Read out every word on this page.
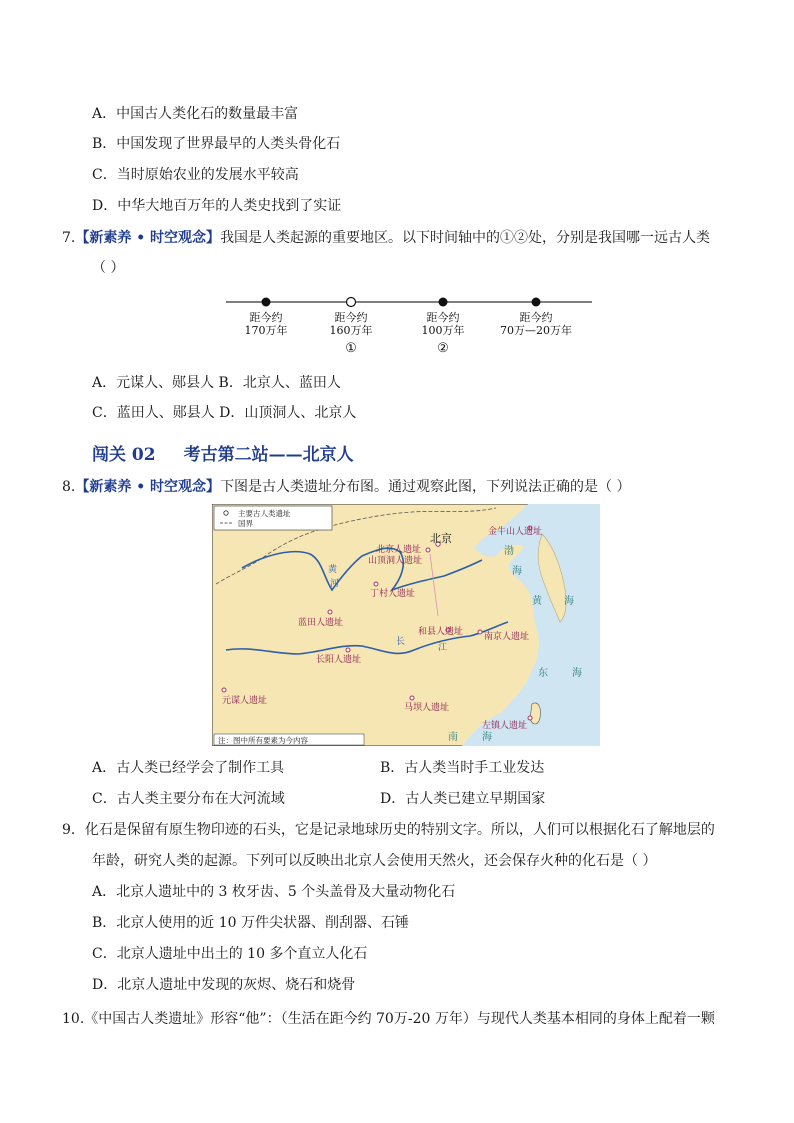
A．中国古人类化石的数量最丰富
B．中国发现了世界最早的人类头骨化石
C．当时原始农业的发展水平较高
D．中华大地百万年的人类史找到了实证
7.【新素养 • 时空观念】我国是人类起源的重要地区。以下时间轴中的①②处，分别是我国哪一远古人类
（ ）
距今约
170万年
距今约
160万年
①
距今约
100万年
②
距今约
70万—20万年
A．元谋人、郧县人 B．北京人、蓝田人
C．蓝田人、郧县人 D．山顶洞人、北京人
闯关 02 考古第二站——北京人
8.【新素养 • 时空观念】下图是古人类遗址分布图。通过观察此图，下列说法正确的是（ ）
主要古人类遗址
国界
北京
北京人遗址
山顶洞人遗址
金牛山人遗址
丁村人遗址
蓝田人遗址
和县人遗址 南京人遗址
长阳人遗址
元谋人遗址
马坝人遗址
左镇人遗址
黄
河
长
江
渤
海
黄 海
东 海
南 海
注：图中所有要素为今内容
A．古人类已经学会了制作工具	B．古人类当时手工业发达
C．古人类主要分布在大河流域	D．古人类已建立早期国家
9．化石是保留有原生物印迹的石头，它是记录地球历史的特别文字。所以，人们可以根据化石了解地层的
年龄，研究人类的起源。下列可以反映出北京人会使用天然火，还会保存火种的化石是（ ）
A．北京人遗址中的 3 枚牙齿、5 个头盖骨及大量动物化石
B．北京人使用的近 10 万件尖状器、削刮器、石锤
C．北京人遗址中出土的 10 多个直立人化石
D．北京人遗址中发现的灰烬、烧石和烧骨
10.《中国古人类遗址》形容“他”：（生活在距今约 70万-20 万年）与现代人类基本相同的身体上配着一颗
